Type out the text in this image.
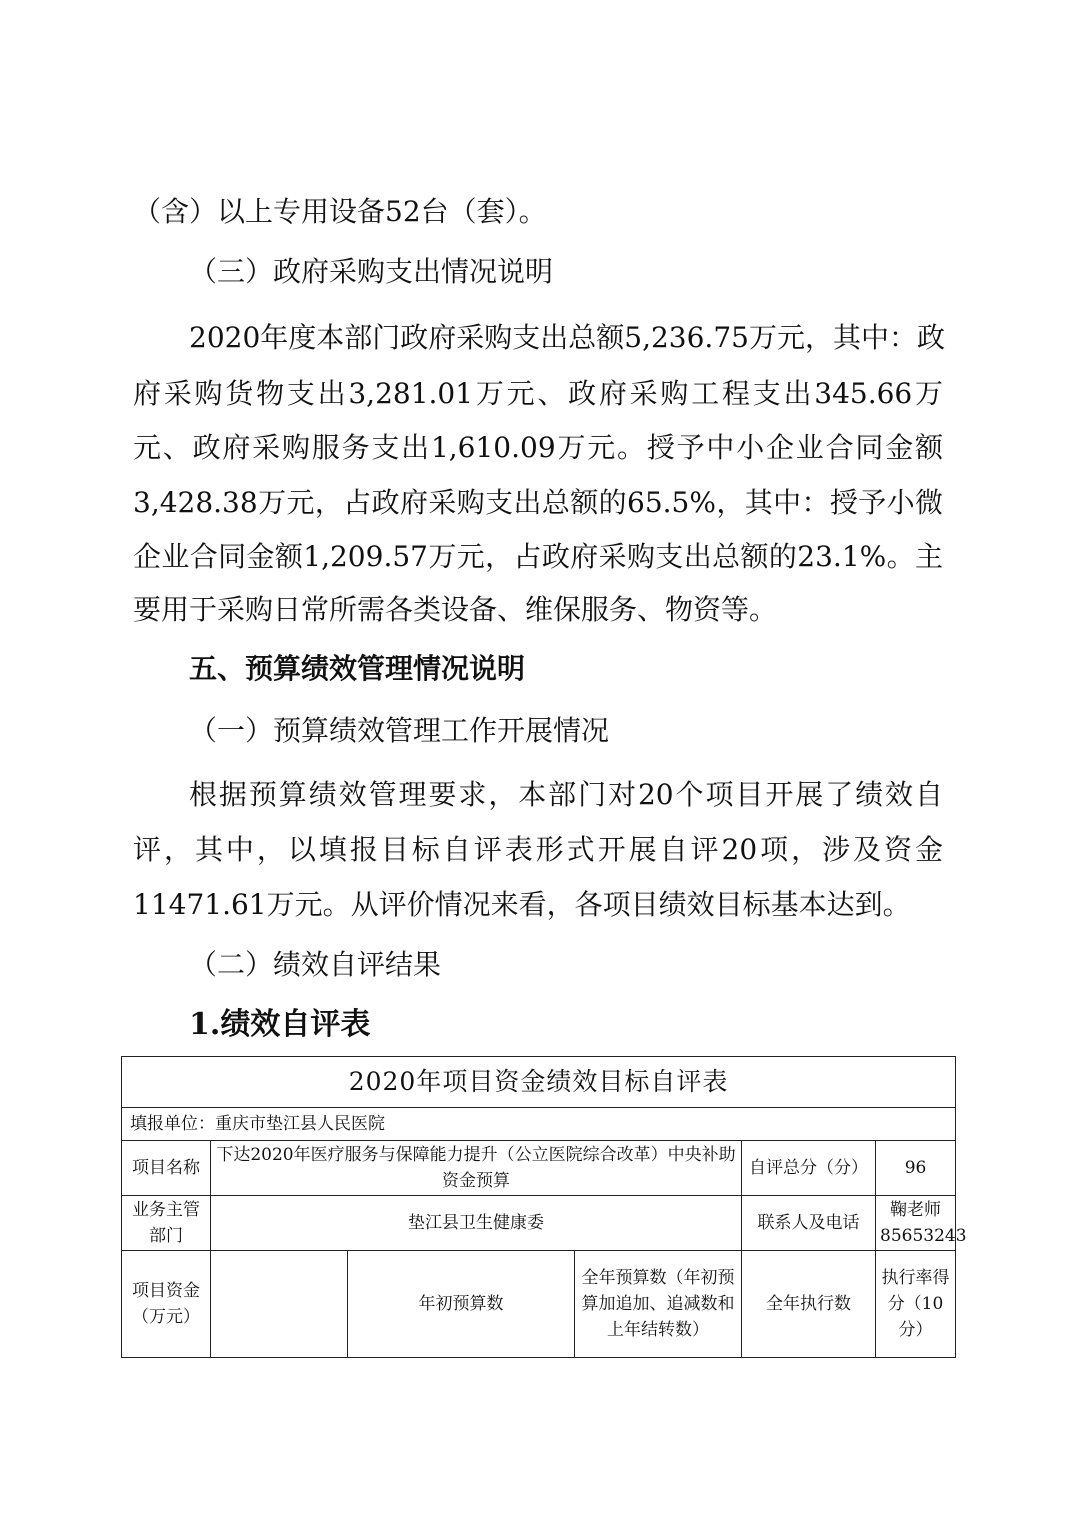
（含）以上专用设备52台（套）。
（三）政府采购支出情况说明
2020年度本部门政府采购支出总额5,236.75万元，其中：政
府采购货物支出3,281.01万元、政府采购工程支出345.66万
元、政府采购服务支出1,610.09万元。授予中小企业合同金额
3,428.38万元，占政府采购支出总额的65.5%，其中：授予小微
企业合同金额1,209.57万元，占政府采购支出总额的23.1%。主
要用于采购日常所需各类设备、维保服务、物资等。
五、预算绩效管理情况说明
（一）预算绩效管理工作开展情况
根据预算绩效管理要求，本部门对20个项目开展了绩效自
评，其中，以填报目标自评表形式开展自评20项，涉及资金
11471.61万元。从评价情况来看，各项目绩效目标基本达到。
（二）绩效自评结果
1.绩效自评表
2020年项目资金绩效目标自评表					
填报单位：重庆市垫江县人民医院					
项目名称	下达2020年医疗服务与保障能力提升（公立医院综合改革）中央补助资金预算			自评总分（分）	96
业务主管部门	垫江县卫生健康委			联系人及电话	鞠老师85653243
项目资金（万元）		年初预算数	全年预算数（年初预算加追加、追减数和上年结转数）	全年执行数	执行率得分（10分）
